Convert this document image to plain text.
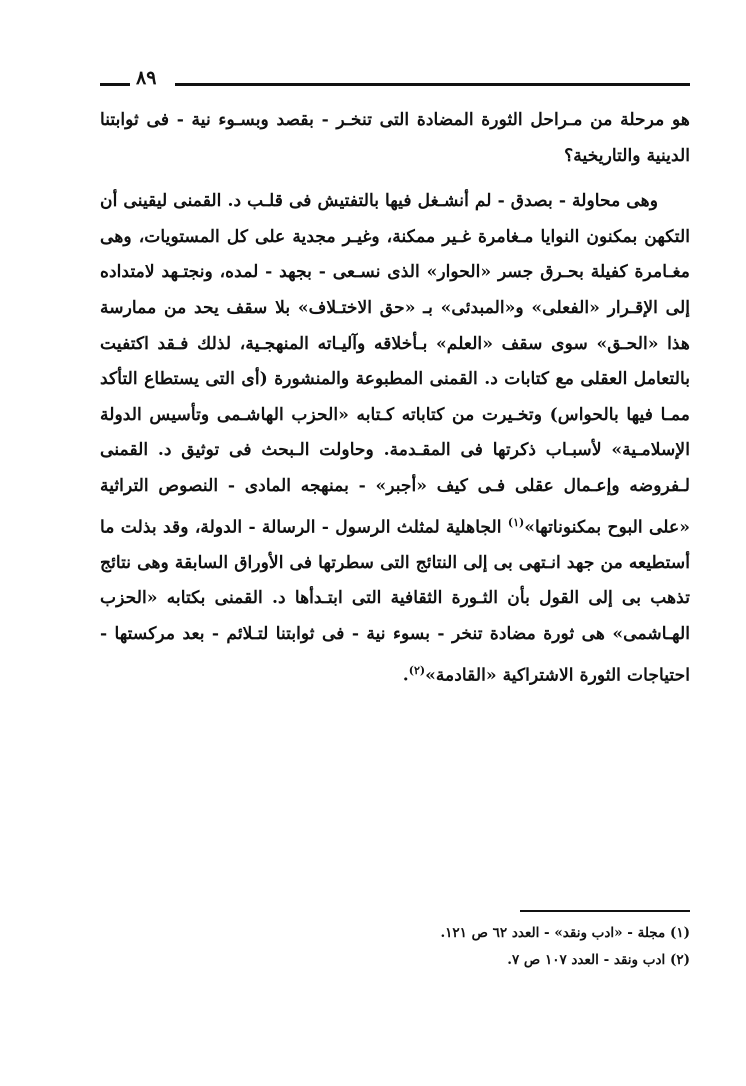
٨٩

هو مرحلة من مـراحل الثورة المضادة التى تنخـر - بقصد وبسـوء نية - فى ثوابتنا الدينية والتاريخية؟

وهى محاولة - بصدق - لم أنشـغل فيها بالتفتيش فى قلـب د. القمنى ليقينى أن التكهن بمكنون النوايا مـغامرة غـير ممكنة، وغيـر مجدية على كل المستويات، وهى مغـامرة كفيلة بحـرق جسر «الحوار» الذى نسـعى - بجهد - لمده، ونجتـهد لامتداده إلى الإقـرار «الفعلى» و«المبدئى» بـ «حق الاختـلاف» بلا سقف يحد من ممارسة هذا «الحـق» سوى سقف «العلم» بـأخلاقه وآليـاته المنهجـية، لذلك فـقد اكتفيت بالتعامل العقلى مع كتابات د. القمنى المطبوعة والمنشورة (أى التى يستطاع التأكد ممـا فيها بالحواس) وتخـيرت من كتاباته كـتابه «الحزب الهاشـمى وتأسيس الدولة الإسلامـية» لأسبـاب ذكرتها فى المقـدمة. وحاولت الـبحث فى توثيق د. القمنى لـفروضه وإعـمال عقلى فـى كيف «أجبر» - بمنهجه المادى - النصوص التراثية «على البوح بمكنوناتها»$^{(١)}$ الجاهلية لمثلث الرسول - الرسالة - الدولة، وقد بذلت ما أستطيعه من جهد انـتهى بى إلى النتائج التى سطرتها فى الأوراق السابقة وهى نتائج تذهب بى إلى القول بأن الثـورة الثقافية التى ابتـدأها د. القمنى بكتابه «الحزب الهـاشمى» هى ثورة مضادة تنخر - بسوء نية - فى ثوابتنا لتـلائم - بعد مركستها - احتياجات الثورة الاشتراكية «القادمة»$^{(٢)}$.

(١) مجلة - «ادب ونقد» - العدد ٦٢ ص ١٢١.
(٢) ادب ونقد - العدد ١٠٧ ص ٧.
